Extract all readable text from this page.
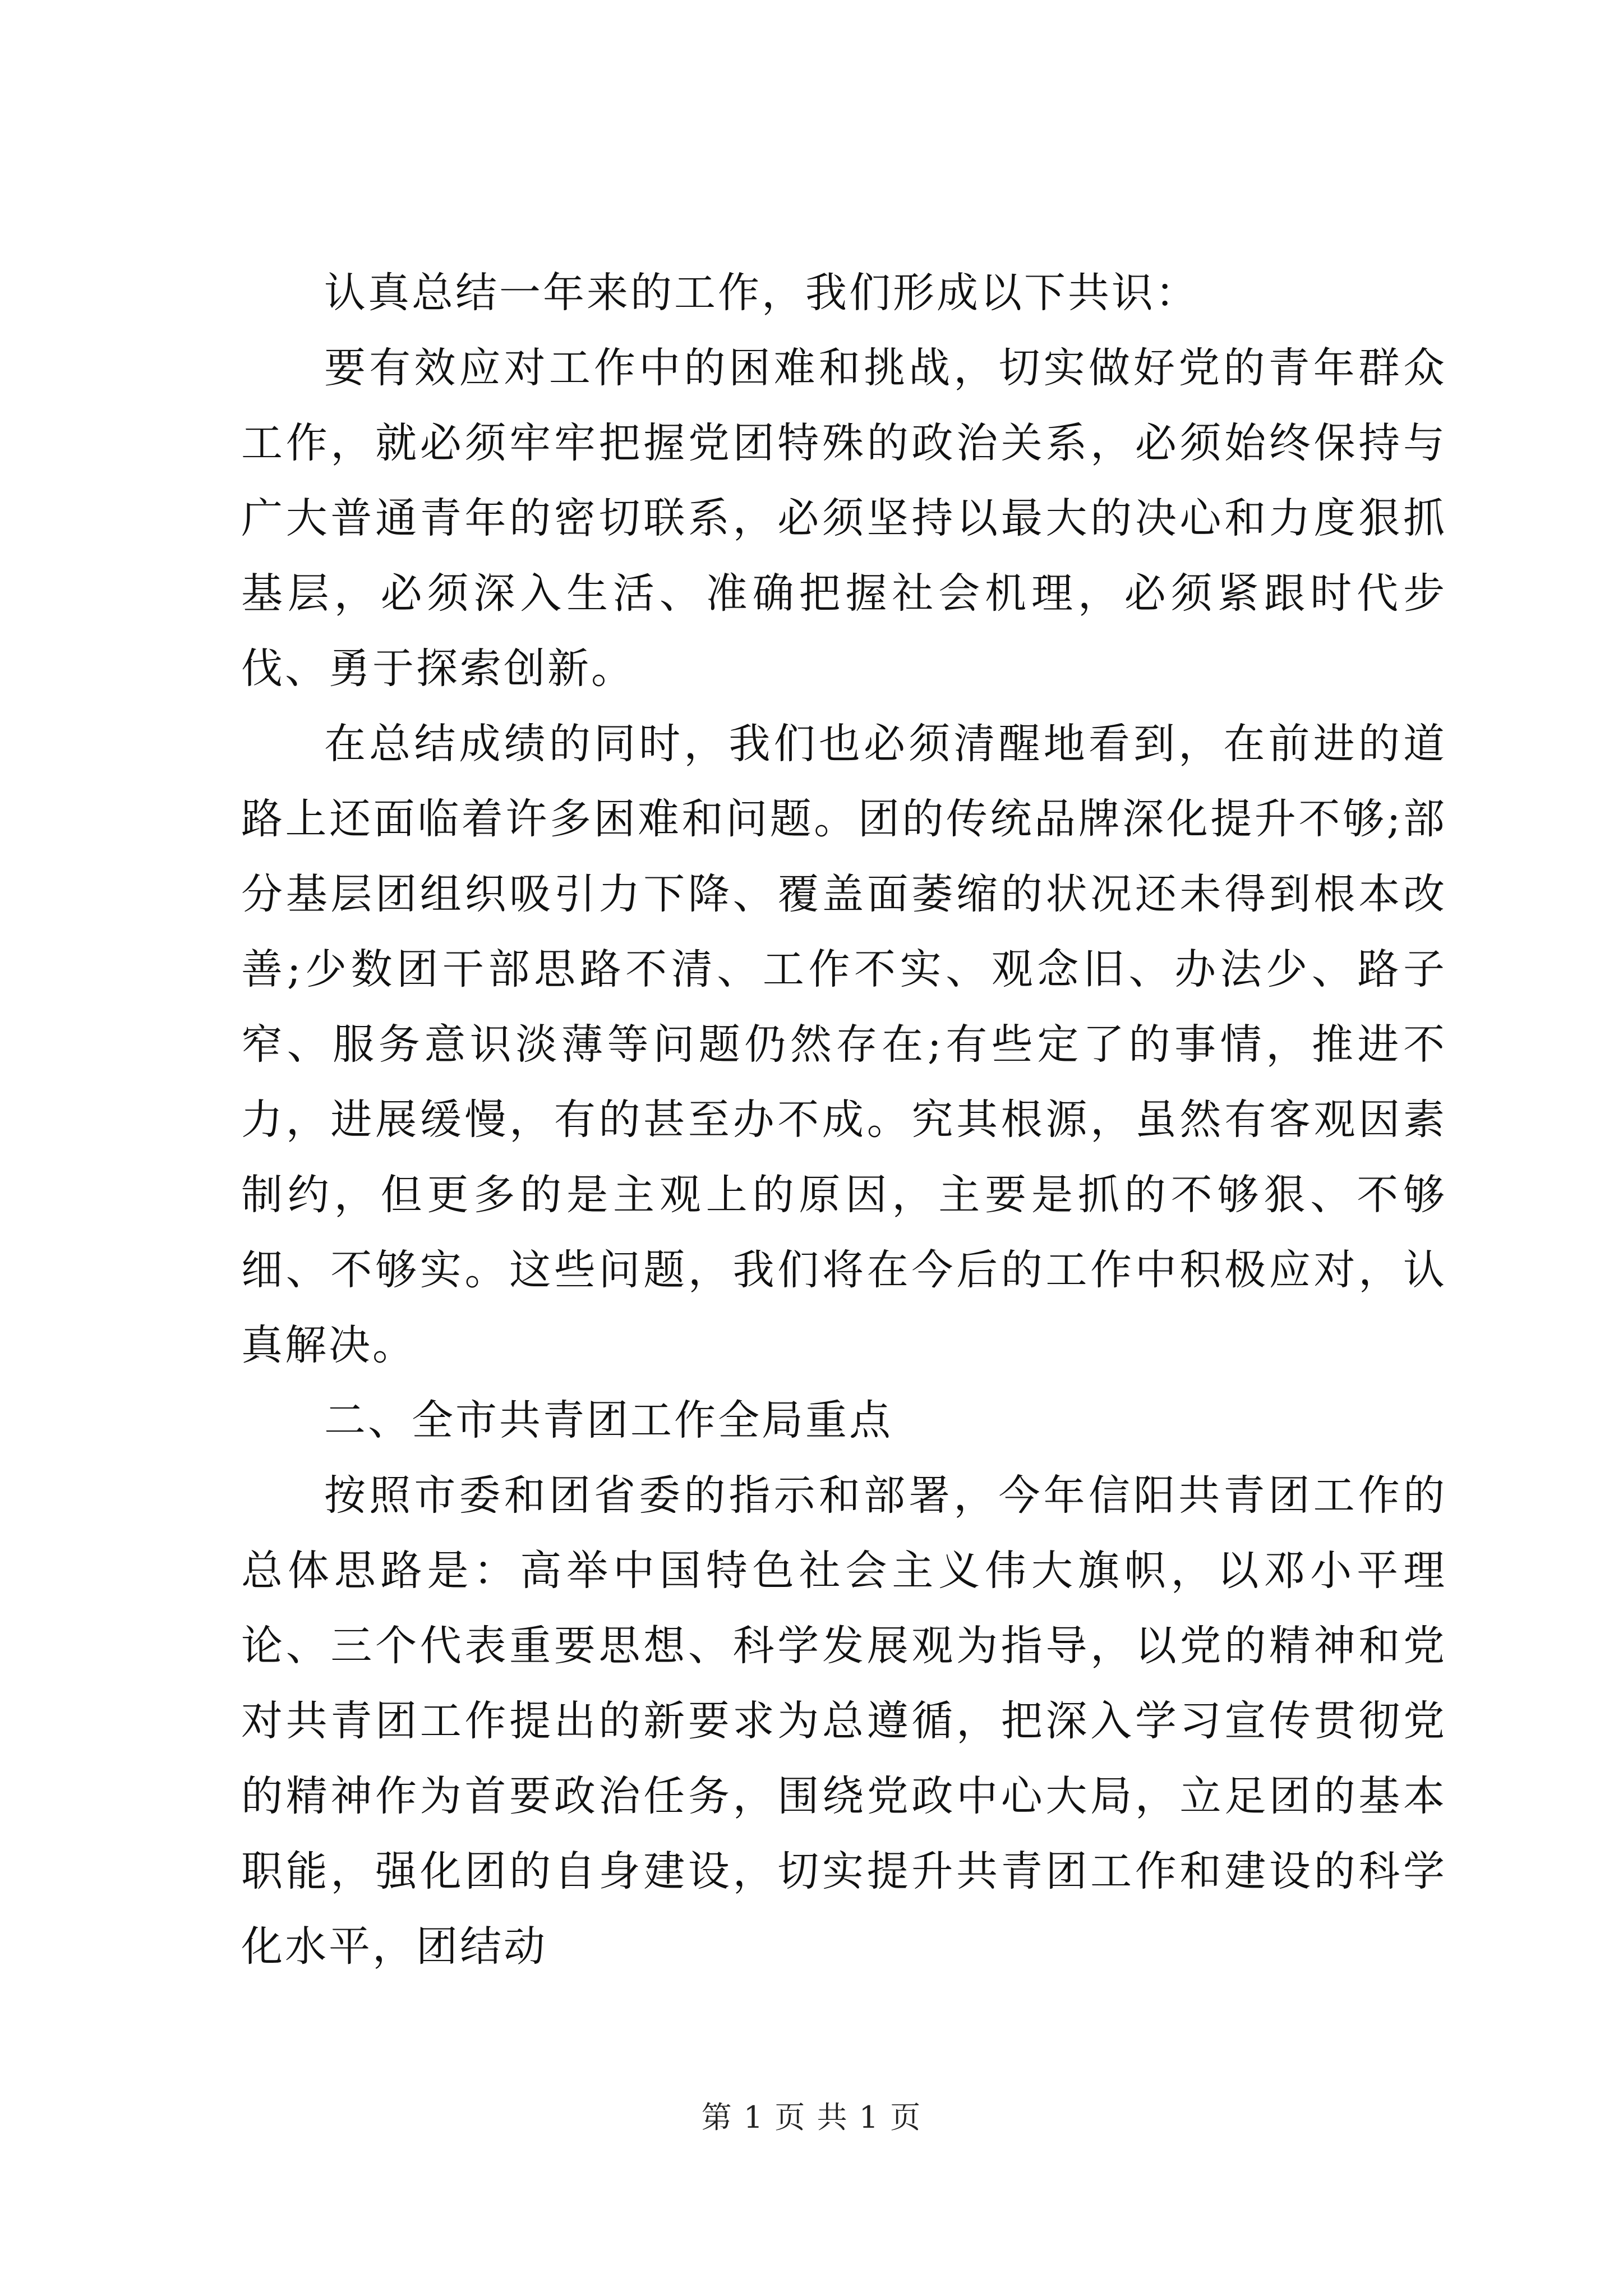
认真总结一年来的工作，我们形成以下共识：

要有效应对工作中的困难和挑战，切实做好党的青年群众工作，就必须牢牢把握党团特殊的政治关系，必须始终保持与广大普通青年的密切联系，必须坚持以最大的决心和力度狠抓基层，必须深入生活、准确把握社会机理，必须紧跟时代步伐、勇于探索创新。

在总结成绩的同时，我们也必须清醒地看到，在前进的道路上还面临着许多困难和问题。团的传统品牌深化提升不够;部分基层团组织吸引力下降、覆盖面萎缩的状况还未得到根本改善;少数团干部思路不清、工作不实、观念旧、办法少、路子窄、服务意识淡薄等问题仍然存在;有些定了的事情，推进不力，进展缓慢，有的甚至办不成。究其根源，虽然有客观因素制约，但更多的是主观上的原因，主要是抓的不够狠、不够细、不够实。这些问题，我们将在今后的工作中积极应对，认真解决。

二、全市共青团工作全局重点

按照市委和团省委的指示和部署，今年信阳共青团工作的总体思路是：高举中国特色社会主义伟大旗帜，以邓小平理论、三个代表重要思想、科学发展观为指导，以党的精神和党对共青团工作提出的新要求为总遵循，把深入学习宣传贯彻党的精神作为首要政治任务，围绕党政中心大局，立足团的基本职能，强化团的自身建设，切实提升共青团工作和建设的科学化水平，团结动

第 1 页 共 1 页
